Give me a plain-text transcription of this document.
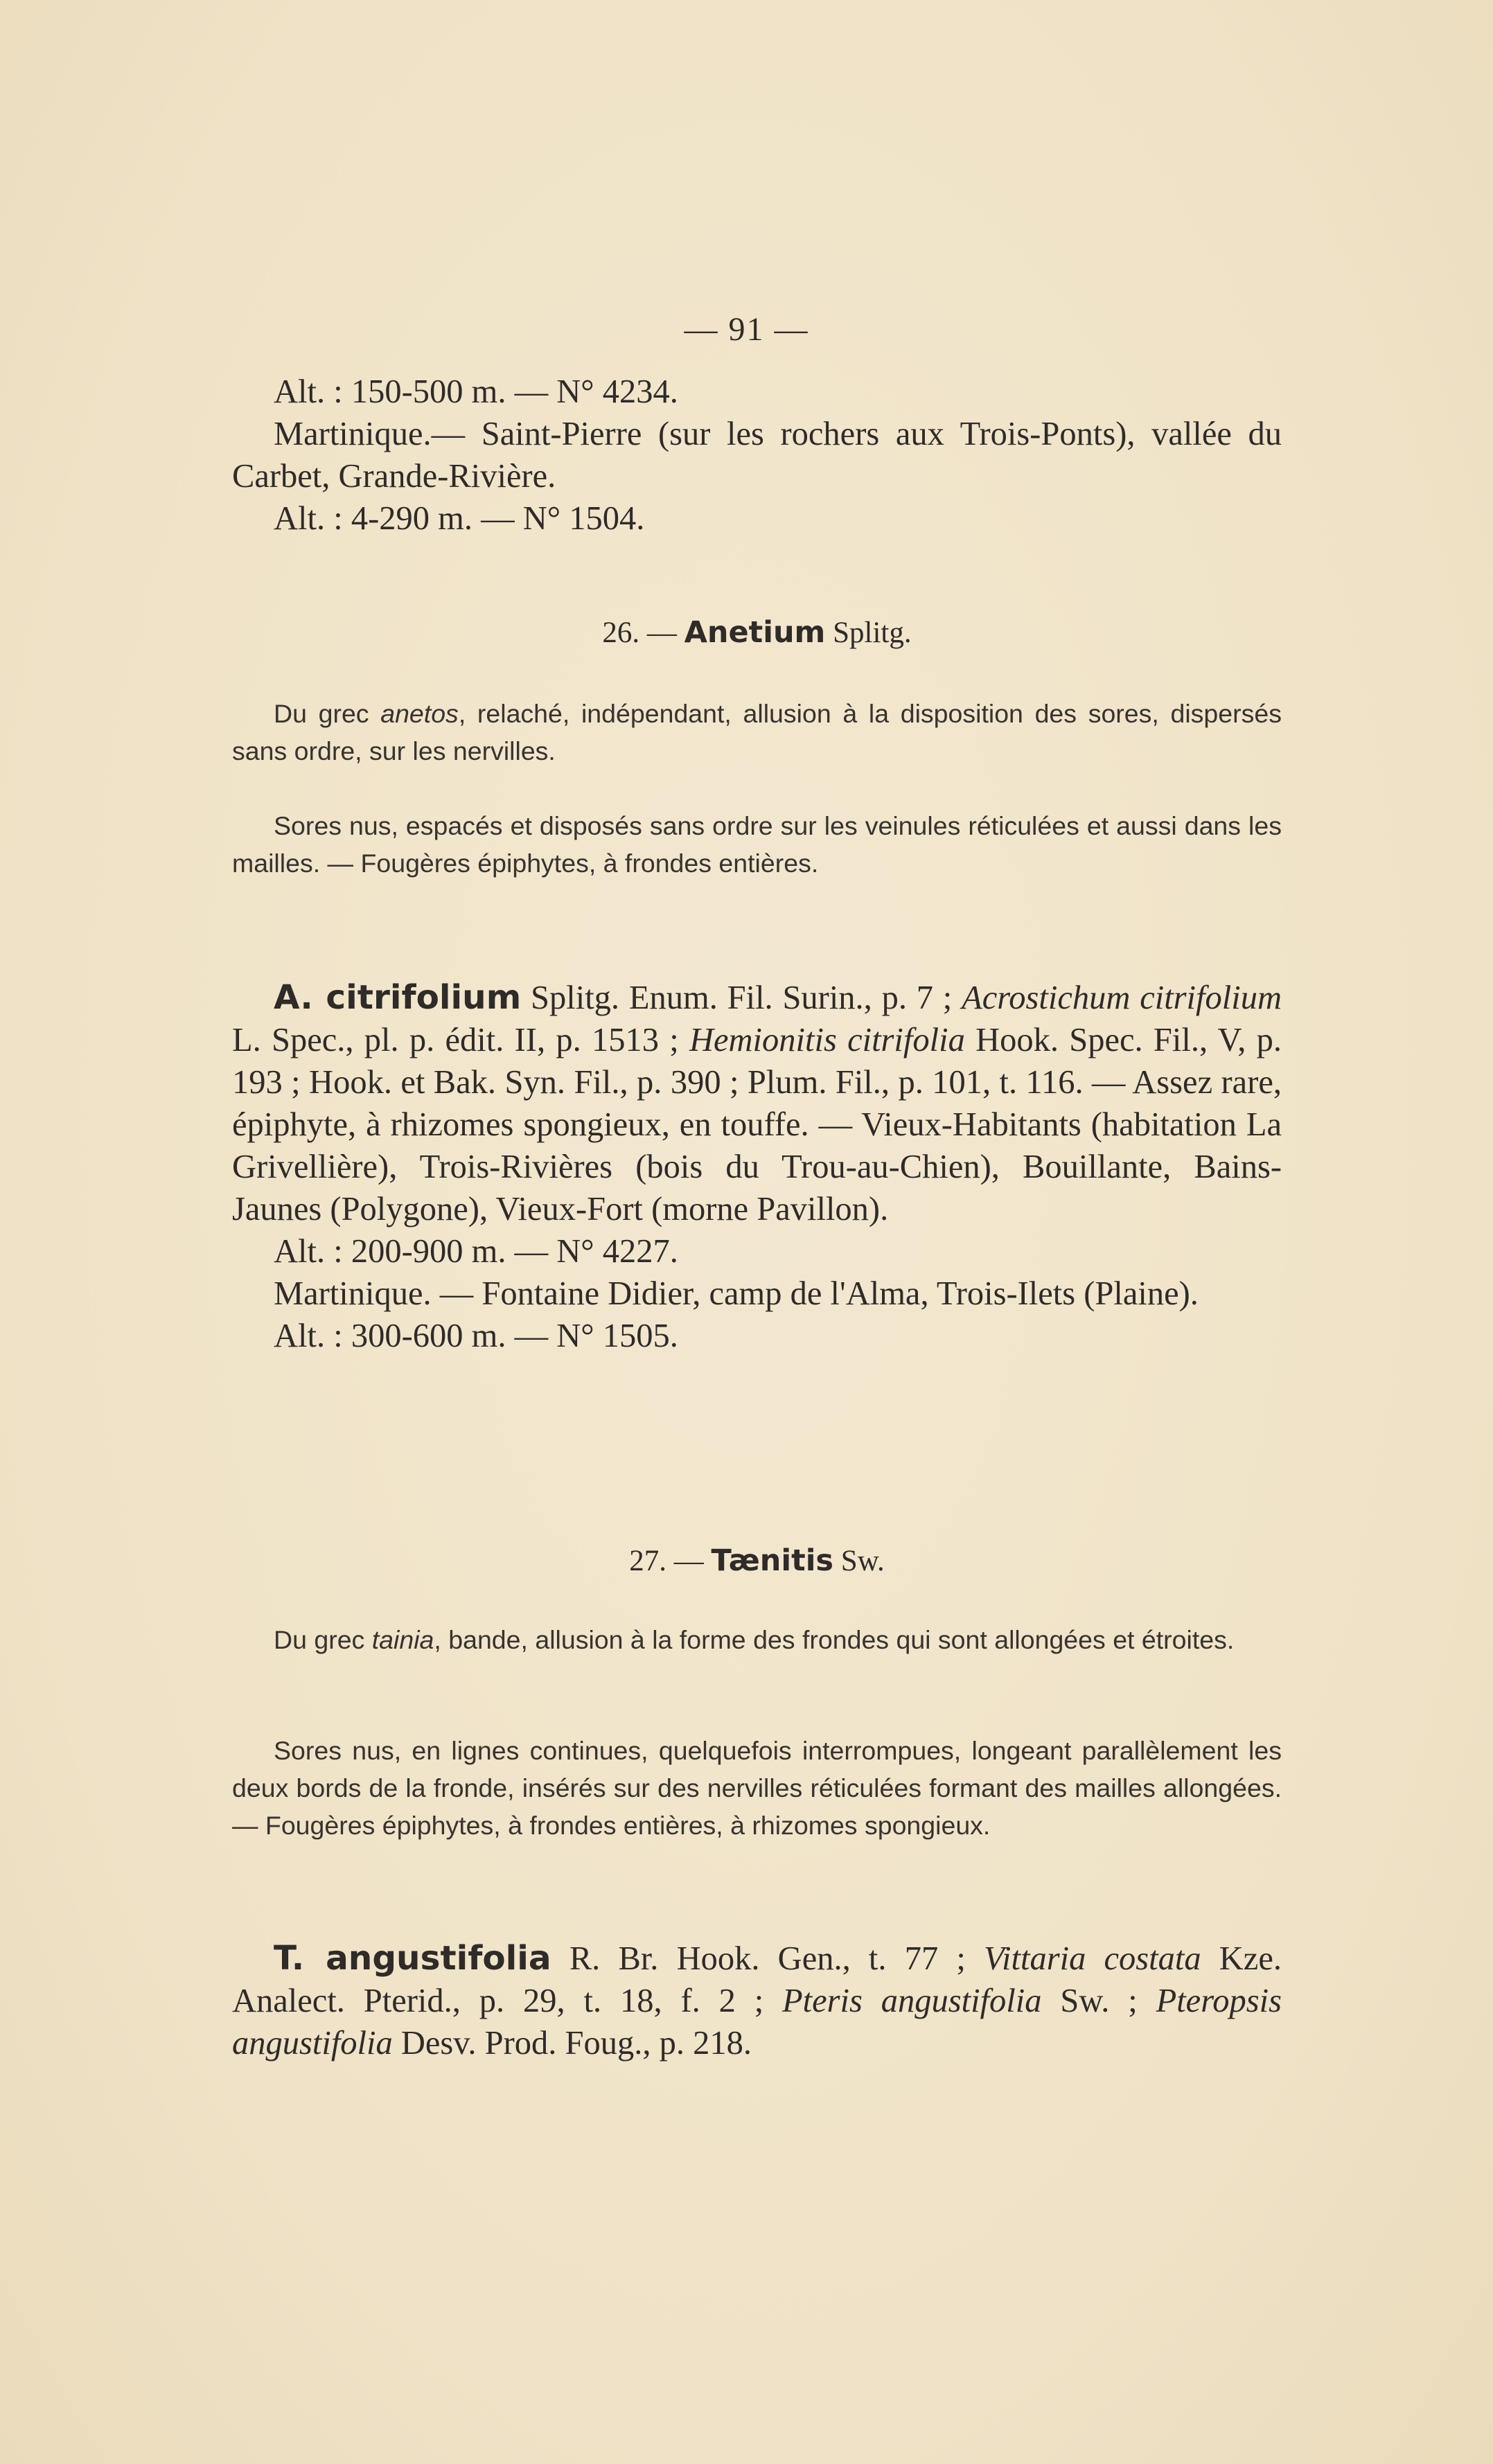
— 91 —

Alt. : 150-500 m. — N° 4234.

Martinique.— Saint-Pierre (sur les rochers aux Trois-Ponts), vallée du Carbet, Grande-Rivière.

Alt. : 4-290 m. — N° 1504.

26. — Anetium Splitg.

Du grec anetos, relaché, indépendant, allusion à la disposition des sores, dispersés sans ordre, sur les nervilles.

Sores nus, espacés et disposés sans ordre sur les veinules réticulées et aussi dans les mailles. — Fougères épiphytes, à frondes entières.

A. citrifolium Splitg. Enum. Fil. Surin., p. 7 ; Acrostichum citrifolium L. Spec., pl. p. édit. II, p. 1513 ; Hemionitis citrifolia Hook. Spec. Fil., V, p. 193 ; Hook. et Bak. Syn. Fil., p. 390 ; Plum. Fil., p. 101, t. 116. — Assez rare, épiphyte, à rhizomes spongieux, en touffe. — Vieux-Habitants (habitation La Grivellière), Trois-Rivières (bois du Trou-au-Chien), Bouillante, Bains-Jaunes (Polygone), Vieux-Fort (morne Pavillon).

Alt. : 200-900 m. — N° 4227.

Martinique. — Fontaine Didier, camp de l'Alma, Trois-Ilets (Plaine).

Alt. : 300-600 m. — N° 1505.

27. — Tænitis Sw.

Du grec tainia, bande, allusion à la forme des frondes qui sont allongées et étroites.

Sores nus, en lignes continues, quelquefois interrompues, longeant parallèlement les deux bords de la fronde, insérés sur des nervilles réticulées formant des mailles allongées. — Fougères épiphytes, à frondes entières, à rhizomes spongieux.

T. angustifolia R. Br. Hook. Gen., t. 77 ; Vittaria costata Kze. Analect. Pterid., p. 29, t. 18, f. 2 ; Pteris angustifolia Sw. ; Pteropsis angustifolia Desv. Prod. Foug., p. 218.
